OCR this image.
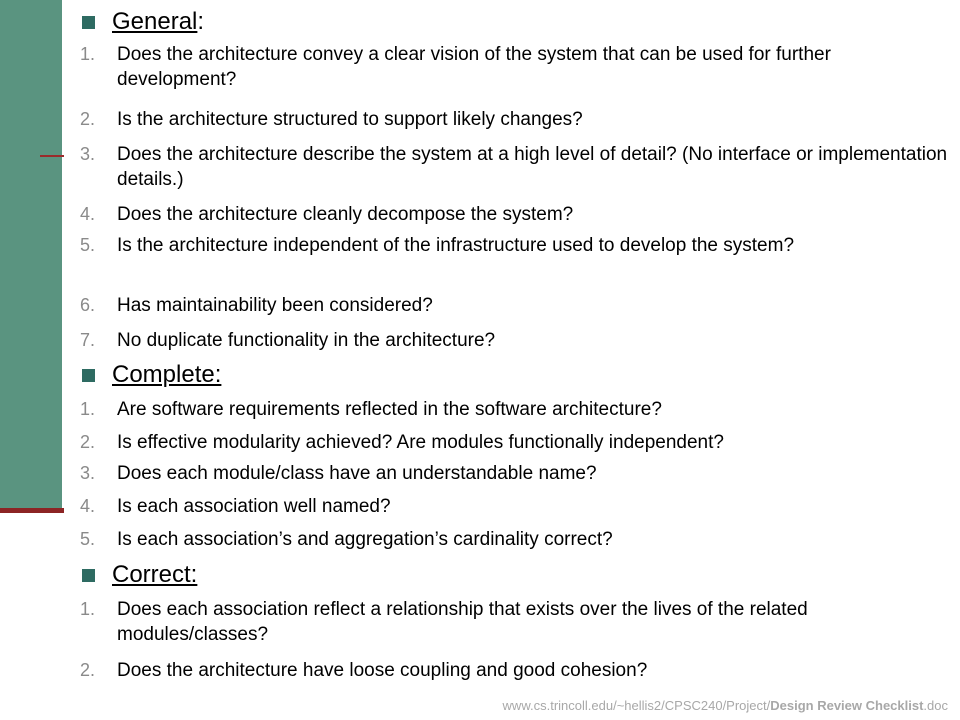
General:
1. Does the architecture convey a clear vision of the system that can be used for further development?
2. Is the architecture structured to support likely changes?
3. Does the architecture describe the system at a high level of detail? (No interface or implementation details.)
4. Does the architecture cleanly decompose the system?
5. Is the architecture independent of the infrastructure used to develop the system?
6. Has maintainability been considered?
7. No duplicate functionality in the architecture?
Complete:
1. Are software requirements reflected in the software architecture?
2. Is effective modularity achieved? Are modules functionally independent?
3. Does each module/class have an understandable name?
4. Is each association well named?
5. Is each association’s and aggregation’s cardinality correct?
Correct:
1. Does each association reflect a relationship that exists over the lives of the related modules/classes?
2. Does the architecture have loose coupling and good cohesion?
www.cs.trincoll.edu/~hellis2/CPSC240/Project/Design Review Checklist.doc
